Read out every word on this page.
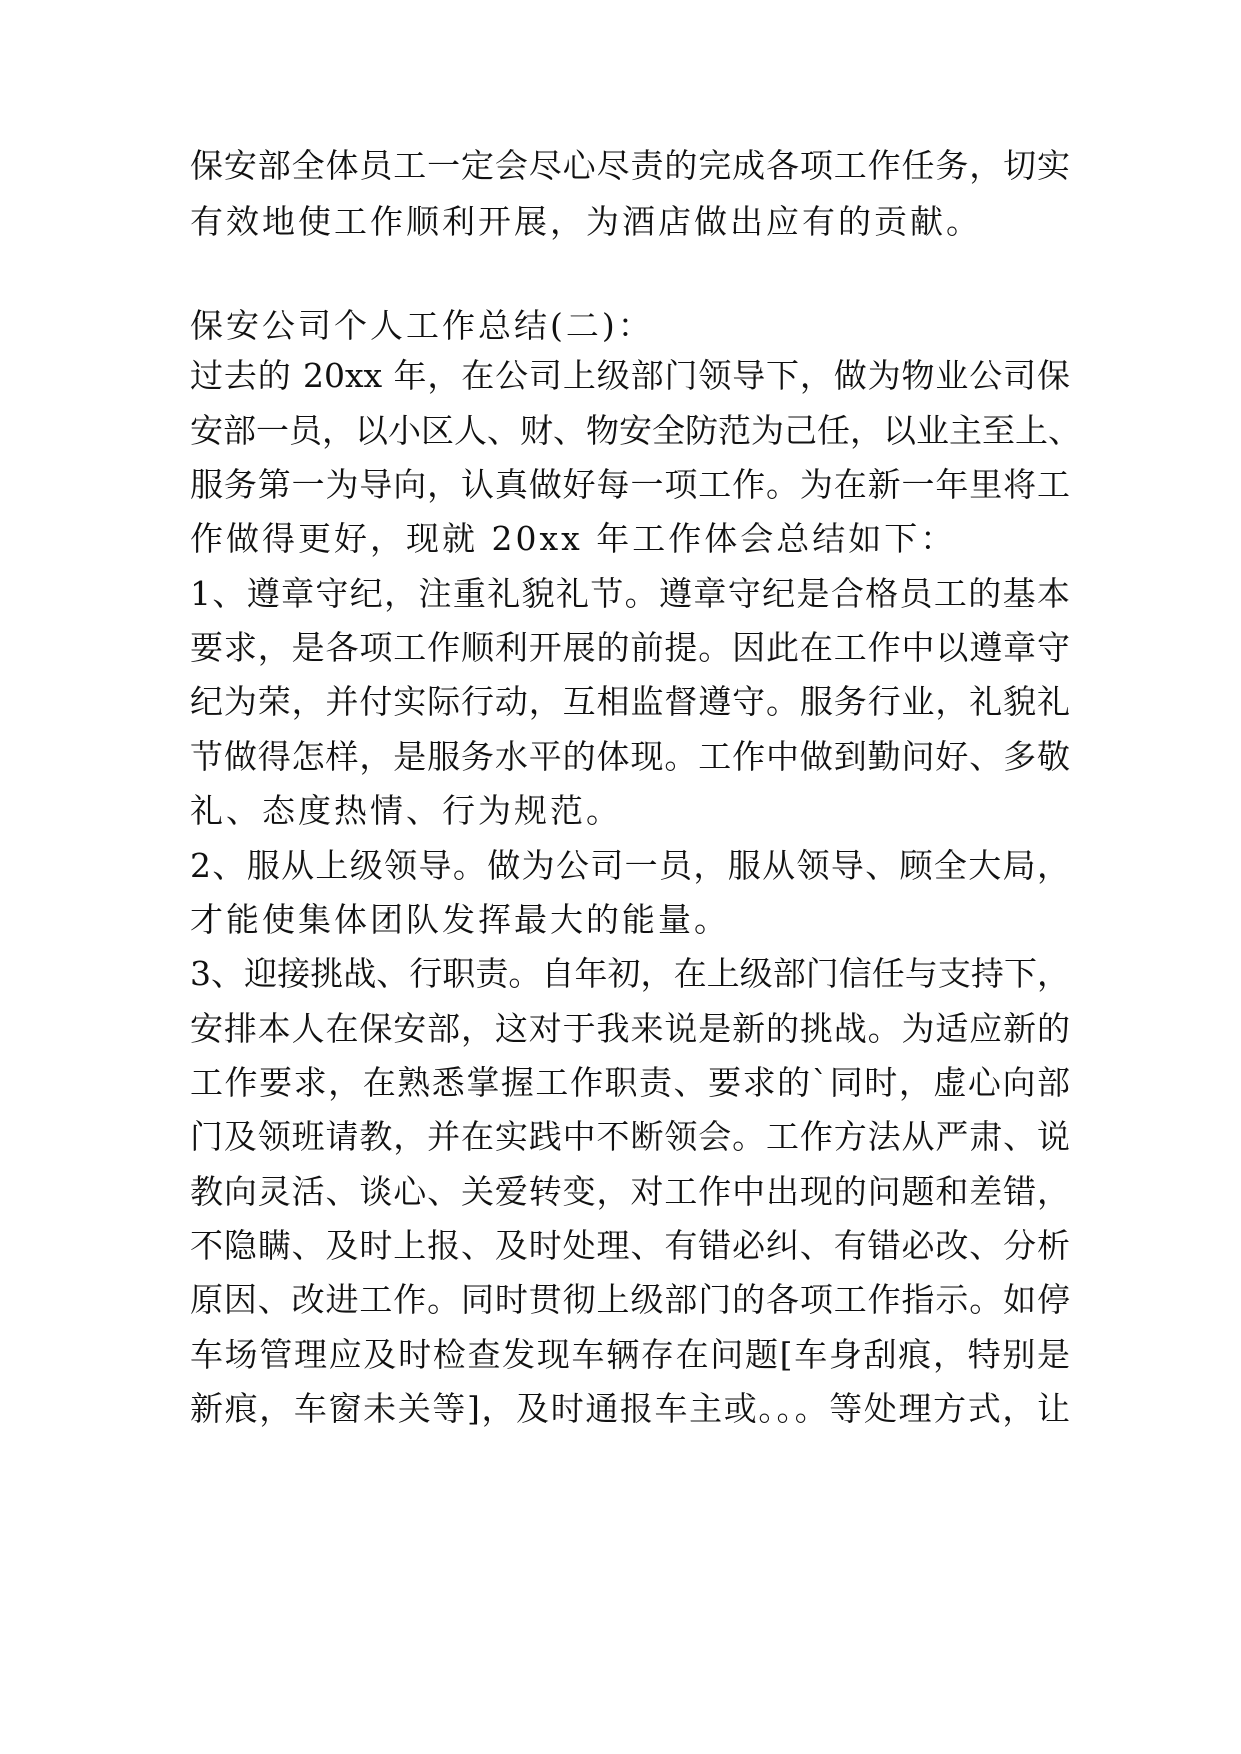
保安部全体员工一定会尽心尽责的完成各项工作任务，切实
有效地使工作顺利开展，为酒店做出应有的贡献。
保安公司个人工作总结(二)：
过去的 20xx 年，在公司上级部门领导下，做为物业公司保
安部一员，以小区人、财、物安全防范为己任，以业主至上、
服务第一为导向，认真做好每一项工作。为在新一年里将工
作做得更好，现就 20xx 年工作体会总结如下：
1、遵章守纪，注重礼貌礼节。遵章守纪是合格员工的基本
要求，是各项工作顺利开展的前提。因此在工作中以遵章守
纪为荣，并付实际行动，互相监督遵守。服务行业，礼貌礼
节做得怎样，是服务水平的体现。工作中做到勤问好、多敬
礼、态度热情、行为规范。
2、服从上级领导。做为公司一员，服从领导、顾全大局，
才能使集体团队发挥最大的能量。
3、迎接挑战、行职责。自年初，在上级部门信任与支持下，
安排本人在保安部，这对于我来说是新的挑战。为适应新的
工作要求，在熟悉掌握工作职责、要求的`同时，虚心向部
门及领班请教，并在实践中不断领会。工作方法从严肃、说
教向灵活、谈心、关爱转变，对工作中出现的问题和差错，
不隐瞒、及时上报、及时处理、有错必纠、有错必改、分析
原因、改进工作。同时贯彻上级部门的各项工作指示。如停
车场管理应及时检查发现车辆存在问题[车身刮痕，特别是
新痕，车窗未关等]，及时通报车主或。。。等处理方式，让
